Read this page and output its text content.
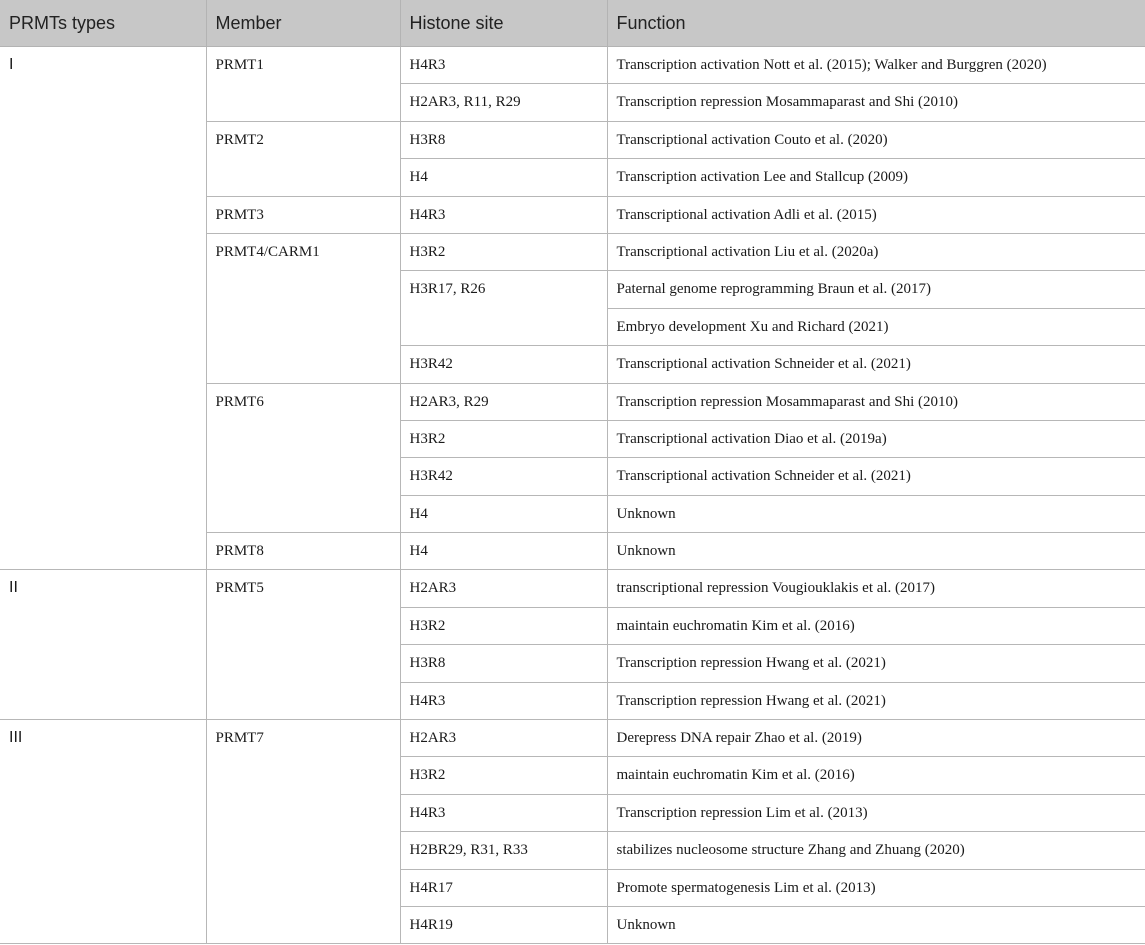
PRMTs types	Member	Histone site	Function
I	PRMT1	H4R3	Transcription activation Nott et al. (2015); Walker and Burggren (2020)
		H2AR3, R11, R29	Transcription repression Mosammaparast and Shi (2010)
	PRMT2	H3R8	Transcriptional activation Couto et al. (2020)
		H4	Transcription activation Lee and Stallcup (2009)
	PRMT3	H4R3	Transcriptional activation Adli et al. (2015)
	PRMT4/CARM1	H3R2	Transcriptional activation Liu et al. (2020a)
		H3R17, R26	Paternal genome reprogramming Braun et al. (2017)
			Embryo development Xu and Richard (2021)
		H3R42	Transcriptional activation Schneider et al. (2021)
	PRMT6	H2AR3, R29	Transcription repression Mosammaparast and Shi (2010)
		H3R2	Transcriptional activation Diao et al. (2019a)
		H3R42	Transcriptional activation Schneider et al. (2021)
		H4	Unknown
	PRMT8	H4	Unknown
II	PRMT5	H2AR3	transcriptional repression Vougiouklakis et al. (2017)
		H3R2	maintain euchromatin Kim et al. (2016)
		H3R8	Transcription repression Hwang et al. (2021)
		H4R3	Transcription repression Hwang et al. (2021)
III	PRMT7	H2AR3	Derepress DNA repair Zhao et al. (2019)
		H3R2	maintain euchromatin Kim et al. (2016)
		H4R3	Transcription repression Lim et al. (2013)
		H2BR29, R31, R33	stabilizes nucleosome structure Zhang and Zhuang (2020)
		H4R17	Promote spermatogenesis Lim et al. (2013)
		H4R19	Unknown
